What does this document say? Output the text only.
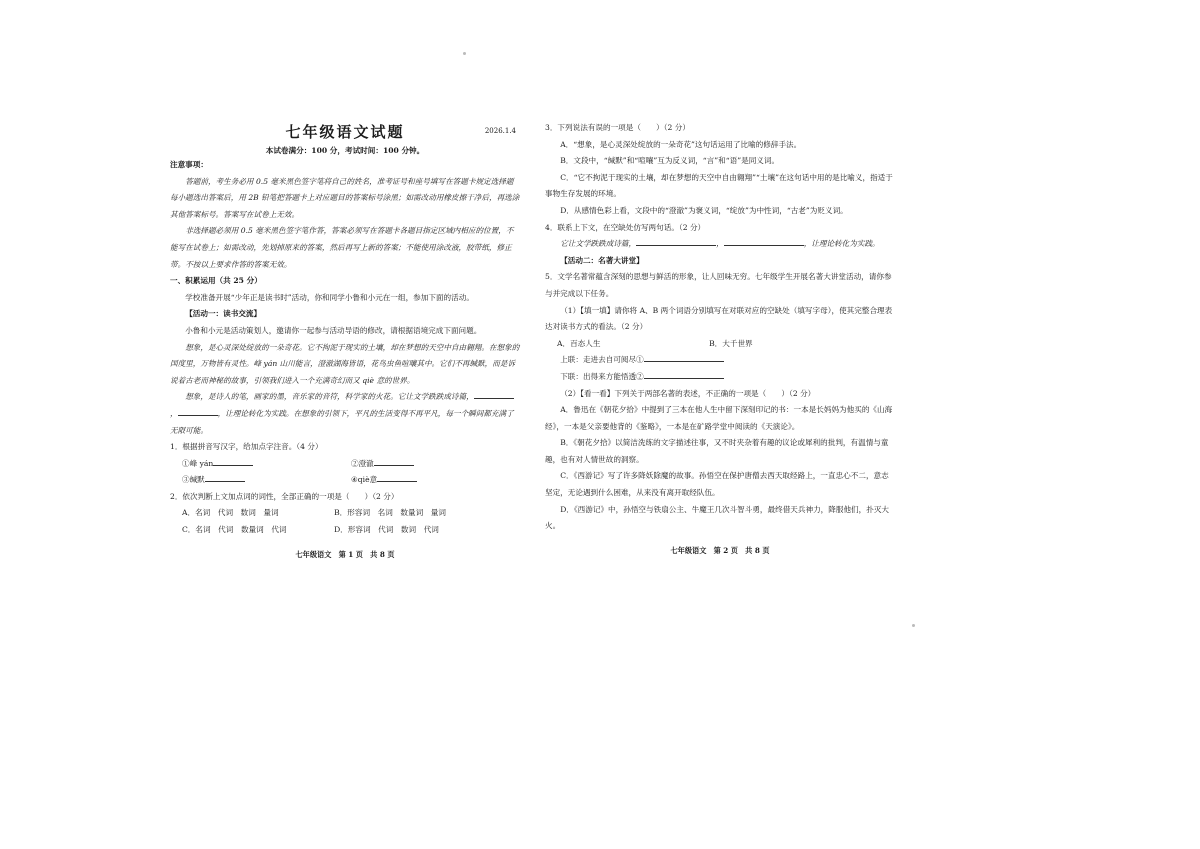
七年级语文试题	2026.1.4

本试卷满分：100 分，考试时间：100 分钟。

注意事项：

答题前，考生务必用 0.5 毫米黑色签字笔将自己的姓名，准考证号和座号填写在答题卡规定选择题每小题选出答案后，用 2B 铅笔把答题卡上对应题目的答案标号涂黑；如需改动用橡皮擦干净后，再选涂其他答案标号。答案写在试卷上无效。

非选择题必须用 0.5 毫米黑色签字笔作答，答案必须写在答题卡各题目指定区域内相应的位置，不能写在试卷上；如需改动，先划掉原来的答案，然后再写上新的答案；不能使用涂改液，胶带纸，修正带。不按以上要求作答的答案无效。

一、积累运用（共 25 分）

学校准备开展“少年正是读书时”活动，你和同学小鲁和小元在一组，参加下面的活动。

【活动一：读书交流】

小鲁和小元是活动策划人，邀请你一起参与活动导语的修改，请根据语境完成下面问题。

想象，是心灵深处绽放的一朵奇花。它不拘泥于现实的土壤，却在梦想的天空中自由翱翔。在想象的国度里，万物皆有灵性。峰 yán 山川能言，澄澈湖海皆语，花鸟虫鱼喧嚷其中。它们不再缄默，而是诉说着古老而神秘的故事，引领我们进入一个充满奇幻而又 qiè 意的世界。

想象，是诗人的笔，画家的墨，音乐家的音符，科学家的火花。它让文学跌跌成诗篇，，	，让理论转化为实践。在想象的引领下，平凡的生活变得不再平凡，每一个瞬间都充满了无限可能。

1．根据拼音写汉字，给加点字注音。（4 分）

①峰 yán	②澄澈
③缄默	④qiè意

2．依次判断上文加点词的词性，全部正确的一项是（　　）（2 分）

A．名词　代词　数词　量词	B．形容词　名词　数量词　量词
C．名词　代词　数量词　代词	D．形容词　代词　数词　代词

七年级语文　第 1 页　共 8 页

3．下列说法有误的一项是（　　）（2 分）

A．“想象，是心灵深处绽放的一朵奇花”这句话运用了比喻的修辞手法。

B．文段中，“缄默”和“喧嚷”互为反义词，“言”和“语”是同义词。

C．“它不拘泥于现实的土壤，却在梦想的天空中自由翱翔”“土壤”在这句话中用的是比喻义，指适于事物生存发展的环境。

D．从感情色彩上看，文段中的“澄澈”为褒义词，“绽放”为中性词，“古老”为贬义词。

4．联系上下文，在空缺处仿写两句话。（2 分）

它让文学跌跌成诗篇，	，	，让理论转化为实践。

【活动二：名著大讲堂】

5．文学名著常蕴含深刻的思想与鲜活的形象，让人回味无穷。七年级学生开展名著大讲堂活动，请你参与并完成以下任务。

（1）【填一填】请你将 A、B 两个词语分别填写在对联对应的空缺处（填写字母），使其完整合理表达对读书方式的看法。（2 分）

A．百态人生	B．大千世界

上联：走进去自可阅尽①

下联：出得来方能悟透②

（2）【看一看】下列关于两部名著的表述，不正确的一项是（　　）（2 分）

A．鲁迅在《朝花夕拾》中提到了三本在他人生中留下深刻印记的书：一本是长妈妈为他买的《山海经》，一本是父亲要他背的《鉴略》，一本是在矿路学堂中阅读的《天演论》。

B．《朝花夕拾》以简洁洗练的文字描述往事，又不时夹杂着有趣的议论或犀利的批判，有温情与童趣，也有对人情世故的洞察。

C．《西游记》写了许多降妖除魔的故事。孙悟空在保护唐僧去西天取经路上，一直忠心不二，意志坚定，无论遇到什么困难，从来没有离开取经队伍。

D．《西游记》中，孙悟空与铁扇公主、牛魔王几次斗智斗勇，最终借天兵神力，降服他们，扑灭大火。

七年级语文　第 2 页　共 8 页
